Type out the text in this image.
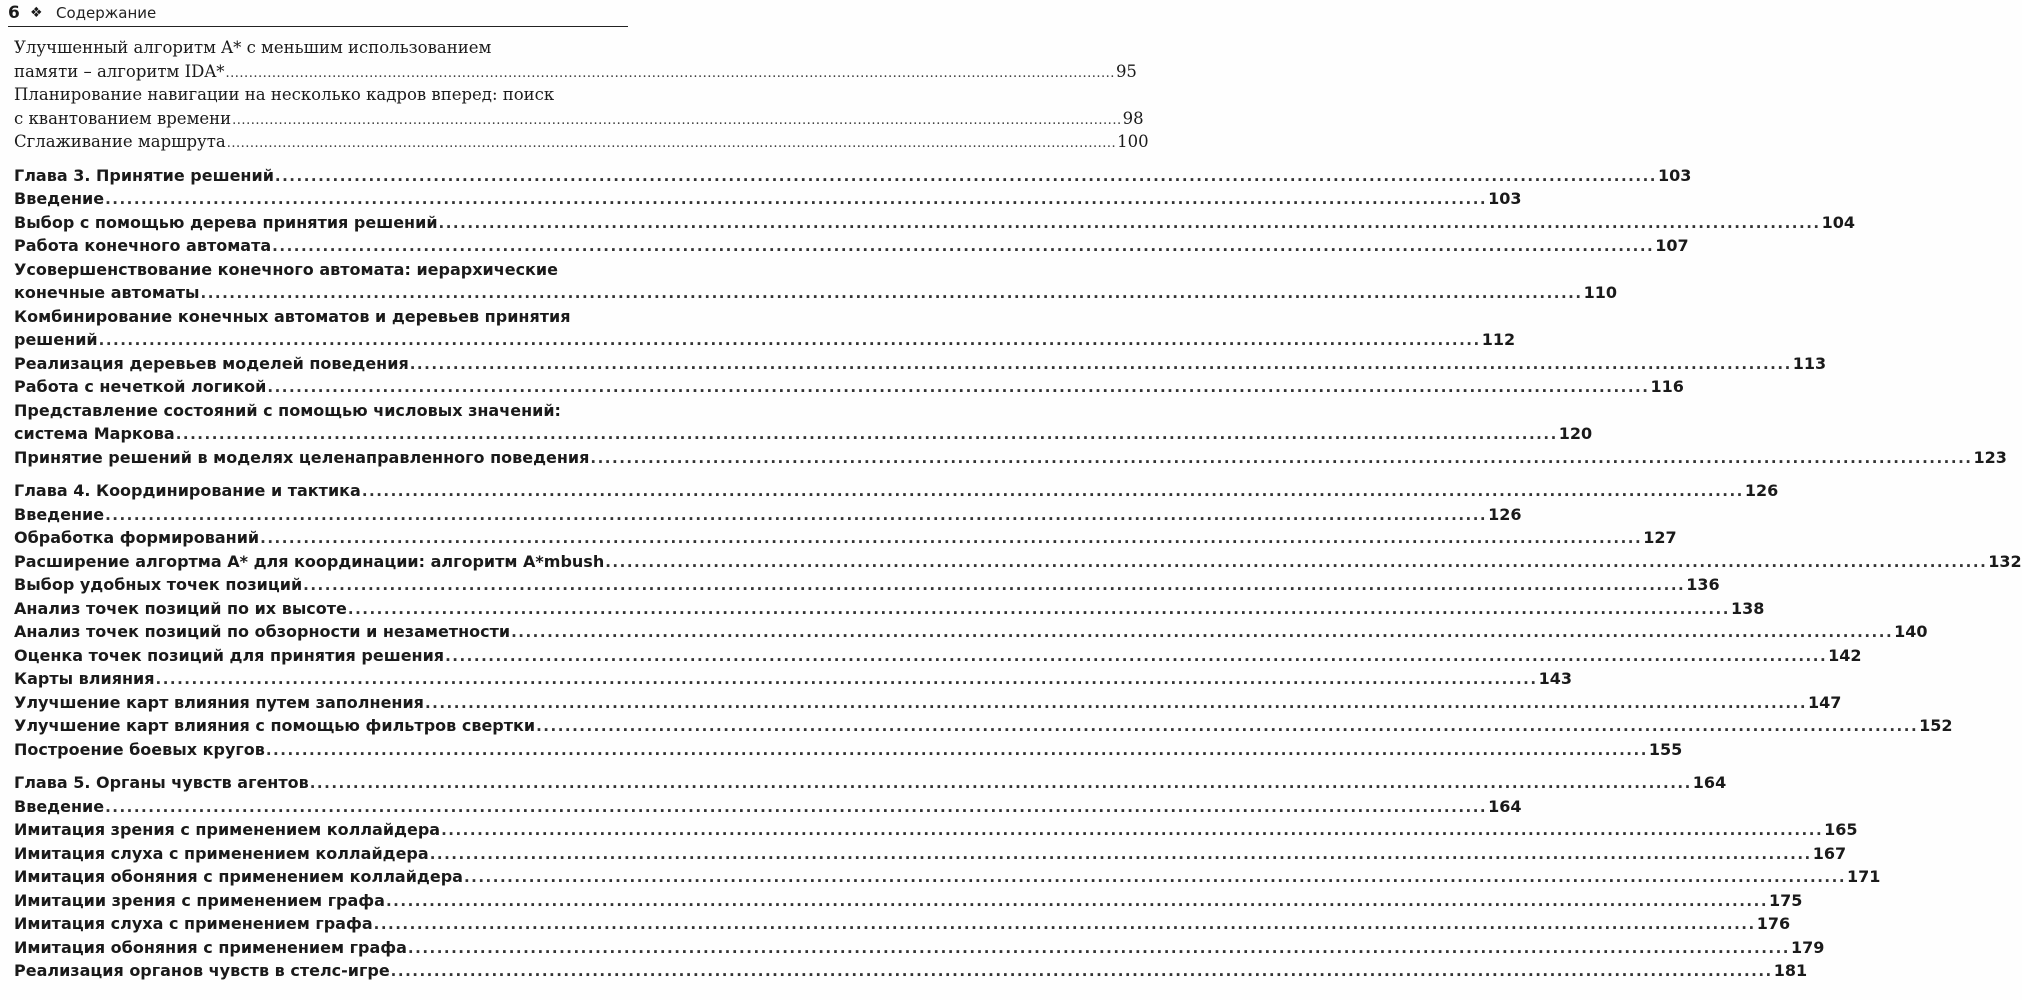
6 ❖ Содержание
Улучшенный алгоритм A* с меньшим использованием
памяти – алгоритм IDA* .....	95
Планирование навигации на несколько кадров вперед: поиск
с квантованием времени .....	98
Сглаживание маршрута .....	100
Глава 3. Принятие решений .....	103
Введение .....	103
Выбор с помощью дерева принятия решений .....	104
Работа конечного автомата .....	107
Усовершенствование конечного автомата: иерархические
конечные автоматы .....	110
Комбинирование конечных автоматов и деревьев принятия
решений .....	112
Реализация деревьев моделей поведения .....	113
Работа с нечеткой логикой .....	116
Представление состояний с помощью числовых значений:
система Маркова .....	120
Принятие решений в моделях целенаправленного поведения .....	123
Глава 4. Координирование и тактика .....	126
Введение .....	126
Обработка формирований .....	127
Расширение алгортма A* для координации: алгоритм A*mbush .....	132
Выбор удобных точек позиций .....	136
Анализ точек позиций по их высоте .....	138
Анализ точек позиций по обзорности и незаметности .....	140
Оценка точек позиций для принятия решения .....	142
Карты влияния .....	143
Улучшение карт влияния путем заполнения .....	147
Улучшение карт влияния с помощью фильтров свертки .....	152
Построение боевых кругов .....	155
Глава 5. Органы чувств агентов .....	164
Введение .....	164
Имитация зрения с применением коллайдера .....	165
Имитация слуха с применением коллайдера .....	167
Имитация обоняния с применением коллайдера .....	171
Имитации зрения с применением графа .....	175
Имитация слуха с применением графа .....	176
Имитация обоняния с применением графа .....	179
Реализация органов чувств в стелс-игре .....	181
